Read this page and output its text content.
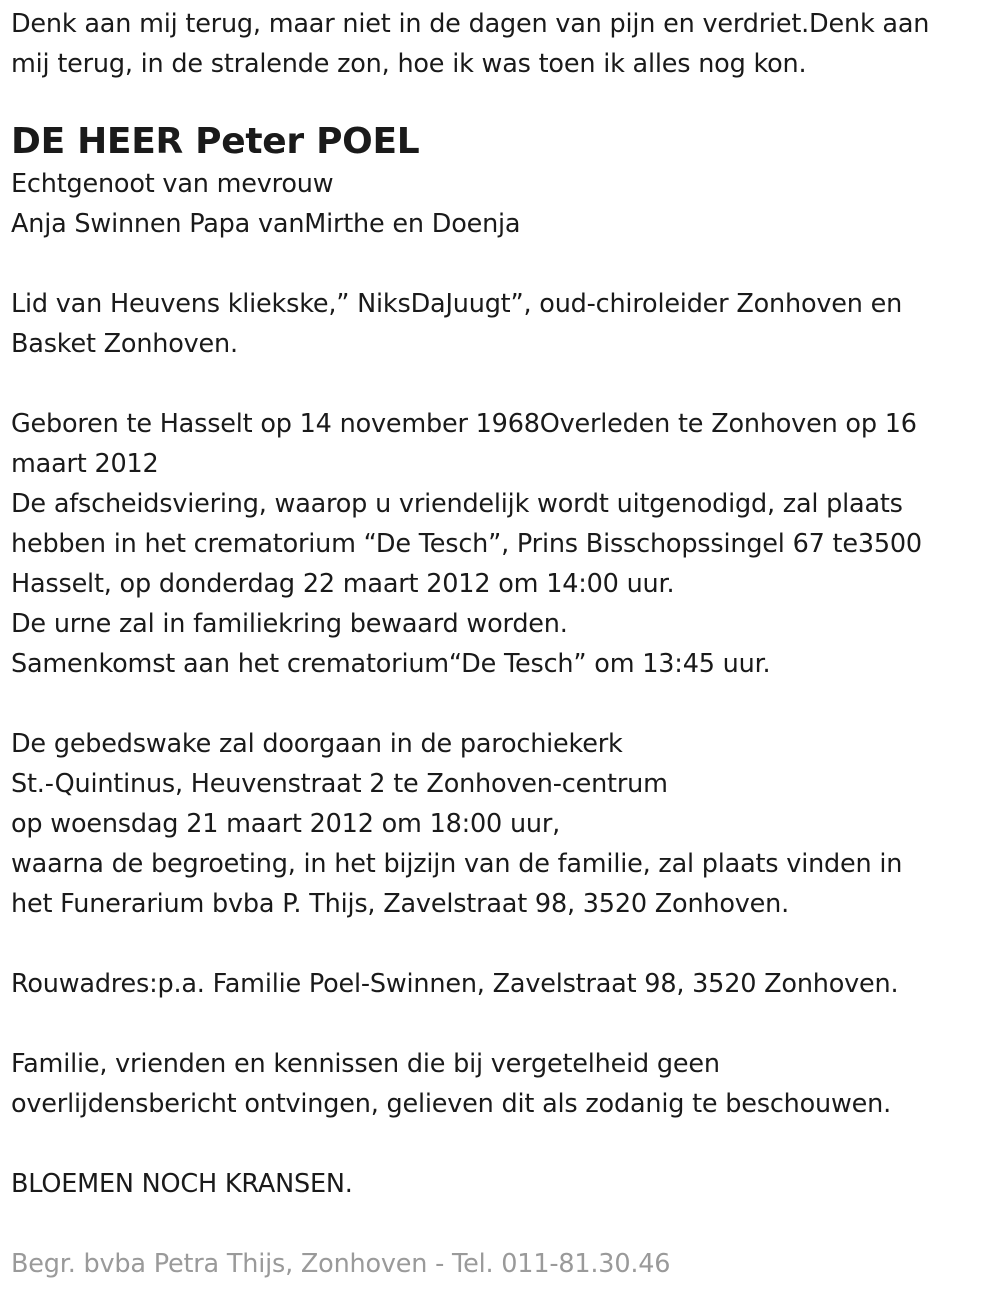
Denk aan mij terug, maar niet in de dagen van pijn en verdriet.Denk aan
mij terug, in de stralende zon, hoe ik was toen ik alles nog kon.
DE HEER Peter POEL
Echtgenoot van mevrouw
Anja Swinnen Papa vanMirthe en Doenja
Lid van Heuvens kliekske,” NiksDaJuugt”, oud-chiroleider Zonhoven en
Basket Zonhoven.
Geboren te Hasselt op 14 november 1968Overleden te Zonhoven op 16
maart 2012
De afscheidsviering, waarop u vriendelijk wordt uitgenodigd, zal plaats
hebben in het crematorium “De Tesch”, Prins Bisschopssingel 67 te3500
Hasselt, op donderdag 22 maart 2012 om 14:00 uur.
De urne zal in familiekring bewaard worden.
Samenkomst aan het crematorium“De Tesch” om 13:45 uur.
De gebedswake zal doorgaan in de parochiekerk
St.-Quintinus, Heuvenstraat 2 te Zonhoven-centrum
op woensdag 21 maart 2012 om 18:00 uur,
waarna de begroeting, in het bijzijn van de familie, zal plaats vinden in
het Funerarium bvba P. Thijs, Zavelstraat 98, 3520 Zonhoven.
Rouwadres:p.a. Familie Poel-Swinnen, Zavelstraat 98, 3520 Zonhoven.
Familie, vrienden en kennissen die bij vergetelheid geen
overlijdensbericht ontvingen, gelieven dit als zodanig te beschouwen.
BLOEMEN NOCH KRANSEN.
Begr. bvba Petra Thijs, Zonhoven - Tel. 011-81.30.46
